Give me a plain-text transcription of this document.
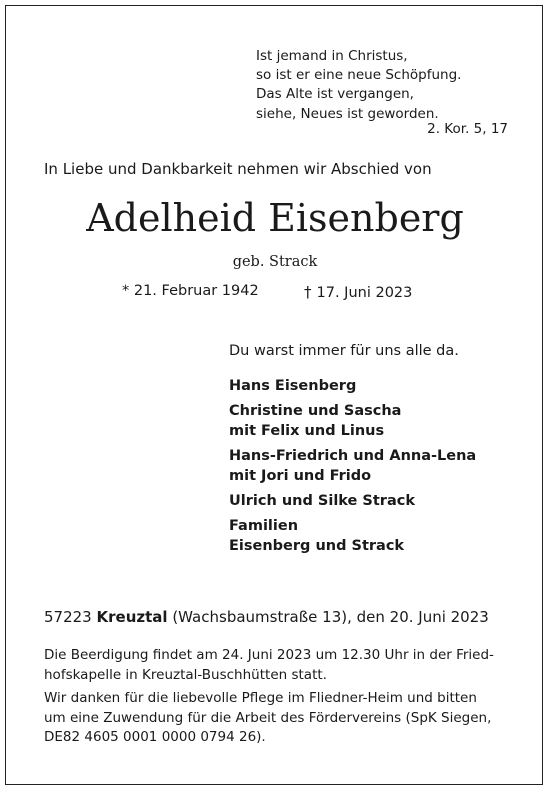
Ist jemand in Christus,
so ist er eine neue Schöpfung.
Das Alte ist vergangen,
siehe, Neues ist geworden.
2. Kor. 5, 17
In Liebe und Dankbarkeit nehmen wir Abschied von
Adelheid Eisenberg
geb. Strack
* 21. Februar 1942	† 17. Juni 2023
Du warst immer für uns alle da.
Hans Eisenberg
Christine und Sascha
mit Felix und Linus
Hans-Friedrich und Anna-Lena
mit Jori und Frido
Ulrich und Silke Strack
Familien
Eisenberg und Strack
57223 Kreuztal (Wachsbaumstraße 13), den 20. Juni 2023
Die Beerdigung findet am 24. Juni 2023 um 12.30 Uhr in der Fried-
hofskapelle in Kreuztal-Buschhütten statt.
Wir danken für die liebevolle Pflege im Fliedner-Heim und bitten
um eine Zuwendung für die Arbeit des Fördervereins (SpK Siegen,
DE82 4605 0001 0000 0794 26).
